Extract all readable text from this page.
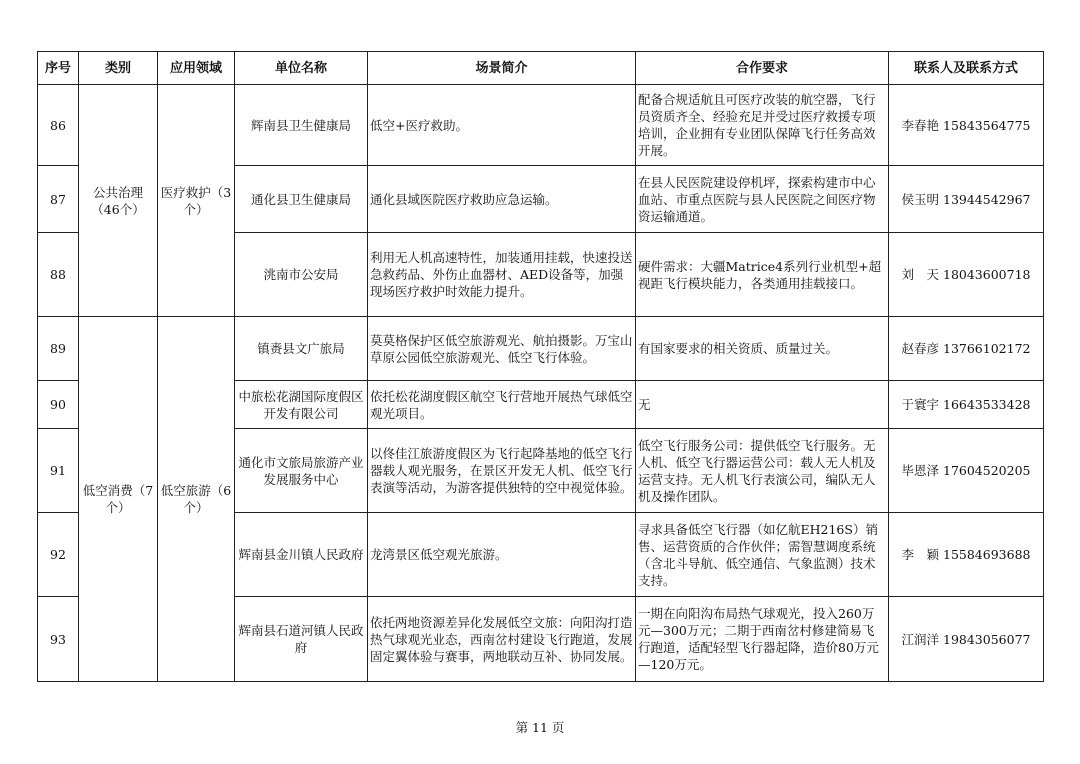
序号	类别	应用领域	单位名称	场景简介	合作要求	联系人及联系方式
86	公共治理（46个）	医疗救护（3个）	辉南县卫生健康局	低空+医疗救助。	配备合规适航且可医疗改装的航空器，飞行员资质齐全、经验充足并受过医疗救援专项培训，企业拥有专业团队保障飞行任务高效开展。	李春艳 15843564775
87			通化县卫生健康局	通化县域医院医疗救助应急运输。	在县人民医院建设停机坪，探索构建市中心血站、市重点医院与县人民医院之间医疗物资运输通道。	侯玉明 13944542967
88			洮南市公安局	利用无人机高速特性，加装通用挂载，快速投送急救药品、外伤止血器材、AED设备等，加强现场医疗救护时效能力提升。	硬件需求：大疆Matrice4系列行业机型+超视距飞行模块能力，各类通用挂载接口。	刘　天 18043600718
89	低空消费（7个）	低空旅游（6个）	镇赉县文广旅局	莫莫格保护区低空旅游观光、航拍摄影。万宝山草原公园低空旅游观光、低空飞行体验。	有国家要求的相关资质、质量过关。	赵春彦 13766102172
90			中旅松花湖国际度假区开发有限公司	依托松花湖度假区航空飞行营地开展热气球低空观光项目。	无	于寰宇 16643533428
91			通化市文旅局旅游产业发展服务中心	以佟佳江旅游度假区为飞行起降基地的低空飞行器载人观光服务，在景区开发无人机、低空飞行表演等活动，为游客提供独特的空中视觉体验。	低空飞行服务公司：提供低空飞行服务。无人机、低空飞行器运营公司：载人无人机及运营支持。无人机飞行表演公司，编队无人机及操作团队。	毕恩泽 17604520205
92			辉南县金川镇人民政府	龙湾景区低空观光旅游。	寻求具备低空飞行器（如亿航EH216S）销售、运营资质的合作伙伴；需智慧调度系统（含北斗导航、低空通信、气象监测）技术支持。	李　颖 15584693688
93			辉南县石道河镇人民政府	依托两地资源差异化发展低空文旅：向阳沟打造热气球观光业态，西南岔村建设飞行跑道，发展固定翼体验与赛事，两地联动互补、协同发展。	一期在向阳沟布局热气球观光，投入260万元—300万元；二期于西南岔村修建简易飞行跑道，适配轻型飞行器起降，造价80万元—120万元。	江润洋 19843056077
第 11 页
